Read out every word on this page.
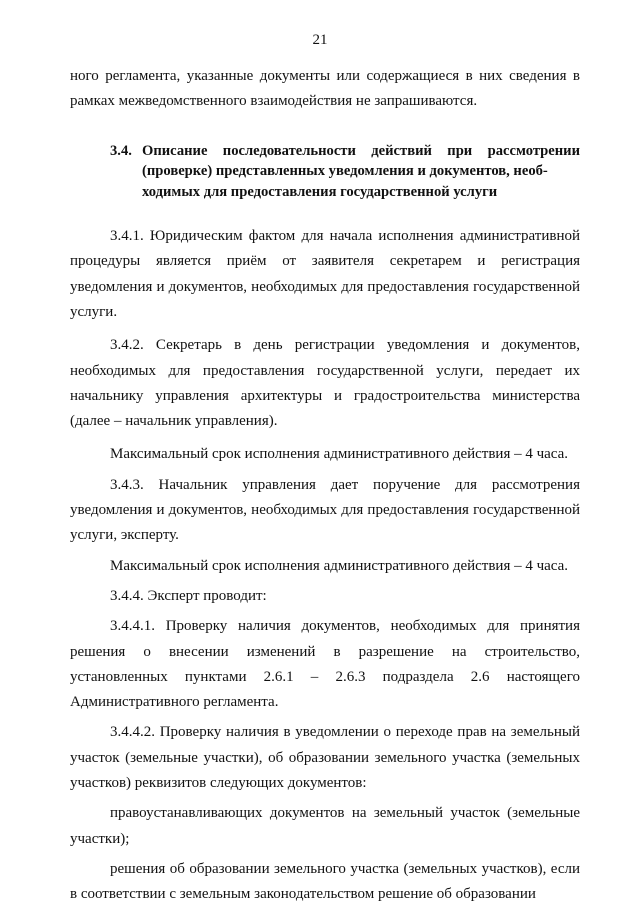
21

ного регламента, указанные документы или содержащиеся в них сведения в рамках межведомственного взаимодействия не запрашиваются.

3.4. Описание последовательности действий при рассмотрении

(проверке) представленных уведомления и документов, необ-

ходимых для предоставления государственной услуги

3.4.1. Юридическим фактом для начала исполнения административной процедуры является приём от заявителя секретарем и регистрация уведомления и документов, необходимых для предоставления государственной услуги.

3.4.2. Секретарь в день регистрации уведомления и документов, необходимых для предоставления государственной услуги, передает их начальнику управления архитектуры и градостроительства министерства (далее – начальник управления).

Максимальный срок исполнения административного действия – 4 часа.

3.4.3. Начальник управления дает поручение для рассмотрения уведомления и документов, необходимых для предоставления государственной услуги, эксперту.

Максимальный срок исполнения административного действия – 4 часа.

3.4.4. Эксперт проводит:

3.4.4.1. Проверку наличия документов, необходимых для принятия решения о внесении изменений в разрешение на строительство, установленных пунктами 2.6.1 – 2.6.3 подраздела 2.6 настоящего Административного регламента.

3.4.4.2. Проверку наличия в уведомлении о переходе прав на земельный участок (земельные участки), об образовании земельного участка (земельных участков) реквизитов следующих документов:

правоустанавливающих документов на земельный участок (земельные участки);

решения об образовании земельного участка (земельных участков), если в соответствии с земельным законодательством решение об образовании
